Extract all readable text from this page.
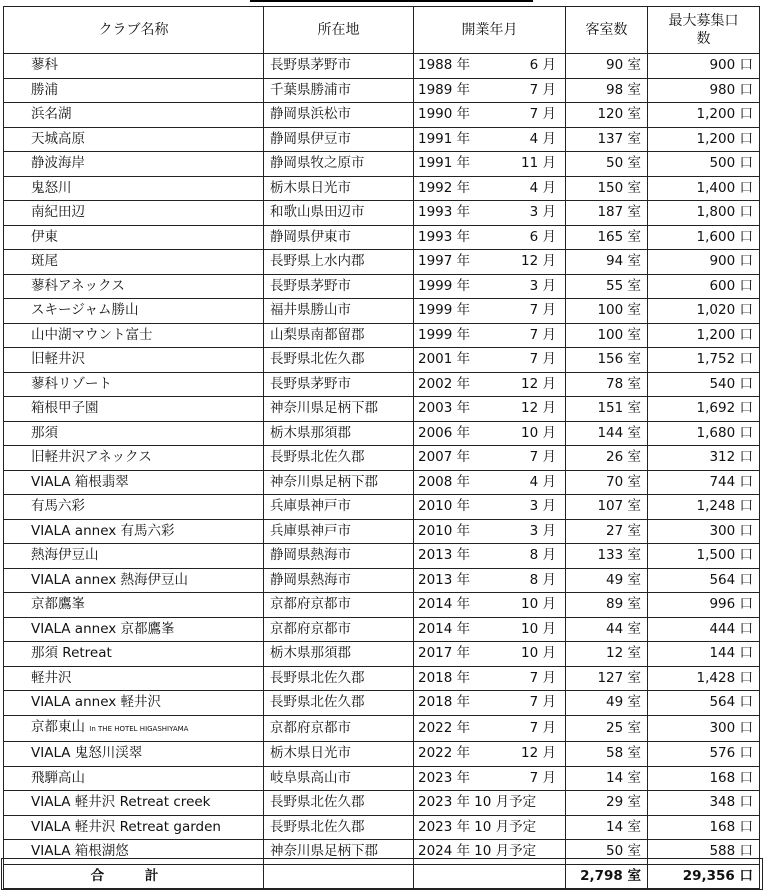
クラブ名称	所在地	開業年月	客室数	最大募集口
数
蓼科	長野県茅野市	1988 年 6 月	90 室	900 口
勝浦	千葉県勝浦市	1989 年 7 月	98 室	980 口
浜名湖	静岡県浜松市	1990 年 7 月	120 室	1,200 口
天城高原	静岡県伊豆市	1991 年 4 月	137 室	1,200 口
静波海岸	静岡県牧之原市	1991 年 11 月	50 室	500 口
鬼怒川	栃木県日光市	1992 年 4 月	150 室	1,400 口
南紀田辺	和歌山県田辺市	1993 年 3 月	187 室	1,800 口
伊東	静岡県伊東市	1993 年 6 月	165 室	1,600 口
斑尾	長野県上水内郡	1997 年 12 月	94 室	900 口
蓼科アネックス	長野県茅野市	1999 年 3 月	55 室	600 口
スキージャム勝山	福井県勝山市	1999 年 7 月	100 室	1,020 口
山中湖マウント富士	山梨県南都留郡	1999 年 7 月	100 室	1,200 口
旧軽井沢	長野県北佐久郡	2001 年 7 月	156 室	1,752 口
蓼科リゾート	長野県茅野市	2002 年 12 月	78 室	540 口
箱根甲子園	神奈川県足柄下郡	2003 年 12 月	151 室	1,692 口
那須	栃木県那須郡	2006 年 10 月	144 室	1,680 口
旧軽井沢アネックス	長野県北佐久郡	2007 年 7 月	26 室	312 口
VIALA 箱根翡翠	神奈川県足柄下郡	2008 年 4 月	70 室	744 口
有馬六彩	兵庫県神戸市	2010 年 3 月	107 室	1,248 口
VIALA annex 有馬六彩	兵庫県神戸市	2010 年 3 月	27 室	300 口
熱海伊豆山	静岡県熱海市	2013 年 8 月	133 室	1,500 口
VIALA annex 熱海伊豆山	静岡県熱海市	2013 年 8 月	49 室	564 口
京都鷹峯	京都府京都市	2014 年 10 月	89 室	996 口
VIALA annex 京都鷹峯	京都府京都市	2014 年 10 月	44 室	444 口
那須 Retreat	栃木県那須郡	2017 年 10 月	12 室	144 口
軽井沢	長野県北佐久郡	2018 年 7 月	127 室	1,428 口
VIALA annex 軽井沢	長野県北佐久郡	2018 年 7 月	49 室	564 口
京都東山 In THE HOTEL HIGASHIYAMA	京都府京都市	2022 年 7 月	25 室	300 口
VIALA 鬼怒川渓翠	栃木県日光市	2022 年 12 月	58 室	576 口
飛騨高山	岐阜県高山市	2023 年 7 月	14 室	168 口
VIALA 軽井沢 Retreat creek	長野県北佐久郡	2023 年 10 月予定	29 室	348 口
VIALA 軽井沢 Retreat garden	長野県北佐久郡	2023 年 10 月予定	14 室	168 口
VIALA 箱根湖悠	神奈川県足柄下郡	2024 年 10 月予定	50 室	588 口
合 計			2,798 室	29,356 口
